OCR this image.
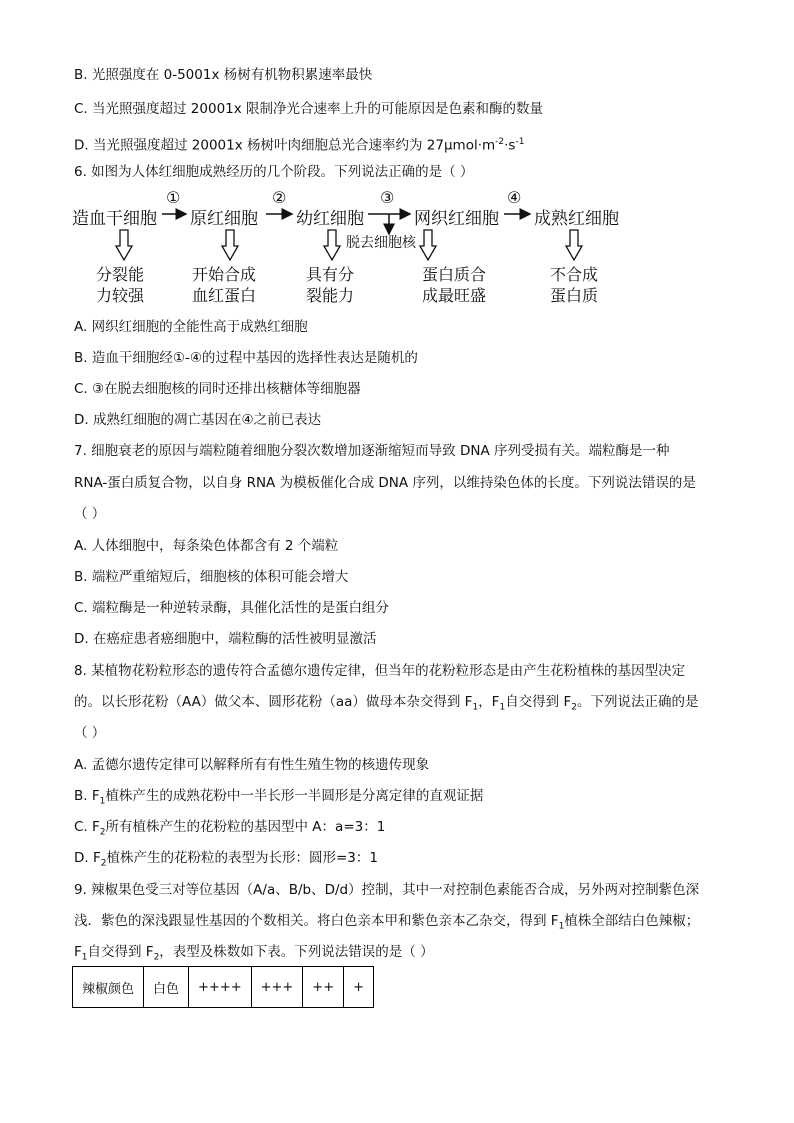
B. 光照强度在 0-5001x 杨树有机物积累速率最快
C. 当光照强度超过 20001x 限制净光合速率上升的可能原因是色素和酶的数量
D. 当光照强度超过 20001x 杨树叶肉细胞总光合速率约为 $27\mu mol\cdot m^{-2}\cdot s^{-1}$
6. 如图为人体红细胞成熟经历的几个阶段。下列说法正确的是（ ）
造血干细胞 原红细胞 幼红细胞	网织红细胞 成熟红细胞
①	②	③	④
脱去细胞核
分裂能
力较强
开始合成
血红蛋白
具有分
裂能力
蛋白质合
成最旺盛
不合成
蛋白质
A. 网织红细胞的全能性高于成熟红细胞
B. 造血干细胞经①-④的过程中基因的选择性表达是随机的
C. ③在脱去细胞核的同时还排出核糖体等细胞器
D. 成熟红细胞的凋亡基因在④之前已表达
7. 细胞衰老的原因与端粒随着细胞分裂次数增加逐渐缩短而导致 DNA 序列受损有关。端粒酶是一种
RNA-蛋白质复合物，以自身 RNA 为模板催化合成 DNA 序列，以维持染色体的长度。下列说法错误的是
（ ）
A. 人体细胞中，每条染色体都含有 2 个端粒
B. 端粒严重缩短后，细胞核的体积可能会增大
C. 端粒酶是一种逆转录酶，具催化活性的是蛋白组分
D. 在癌症患者癌细胞中，端粒酶的活性被明显激活
8. 某植物花粉粒形态的遗传符合孟德尔遗传定律，但当年的花粉粒形态是由产生花粉植株的基因型决定
的。以长形花粉（AA）做父本、圆形花粉（aa）做母本杂交得到 $F_1$，$F_1$自交得到 $F_2$。下列说法正确的是
（ ）
A. 孟德尔遗传定律可以解释所有有性生殖生物的核遗传现象
B. $F_1$植株产生的成熟花粉中一半长形一半圆形是分离定律的直观证据
C. $F_2$所有植株产生的花粉粒的基因型中 A：a=3：1
D. $F_2$植株产生的花粉粒的表型为长形：圆形=3：1
9. 辣椒果色受三对等位基因（A/a、B/b、D/d）控制，其中一对控制色素能否合成，另外两对控制紫色深
浅．紫色的深浅跟显性基因的个数相关。将白色亲本甲和紫色亲本乙杂交，得到 $F_1$植株全部结白色辣椒；
$F_1$自交得到 $F_2$，表型及株数如下表。下列说法错误的是（ ）
辣椒颜色	白色	++++	+++	++	+
